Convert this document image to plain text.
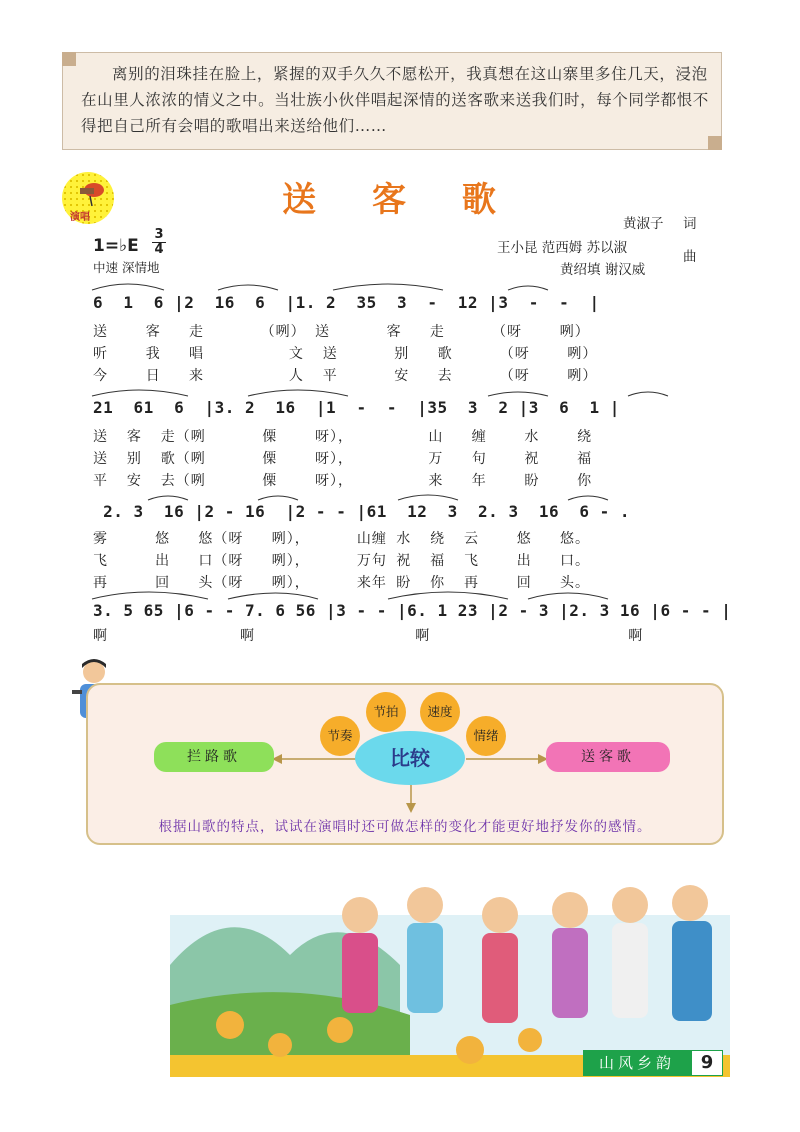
离别的泪珠挂在脸上，紧握的双手久久不愿松开，我真想在这山寨里多住几天，浸泡在山里人浓浓的情义之中。当壮族小伙伴唱起深情的送客歌来送我们时，每个同学都恨不得把自己所有会唱的歌唱出来送给他们……
演唱	送 客 歌
黄淑子 词
王小昆 范西姆 苏以淑
黄绍填 谢汉威
曲
1=♭E
3
4
中速 深情地
6  1  6 |2  16  6  |1. 2  35  3  -  12 |3  -  -  |
送    客   走      （咧） 送      客   走     （呀    咧）
听    我   唱         文  送      别   歌     （呀    咧）
今    日   来         人  平      安   去     （呀    咧）
21  61  6  |3. 2  16  |1  -  -  |35  3  2 |3  6  1 |
送  客  走（咧      傈    呀），        山   缠    水    绕
送  别  歌（咧      傈    呀），        万   句    祝    福
平  安  去（咧      傈    呀），        来   年    盼    你
2. 3  16 |2 - 16  |2 - - |61  12  3  2. 3  16  6 - .
雾     悠   悠（呀   咧），     山缠 水  绕  云    悠   悠。
飞     出   口（呀   咧），     万句 祝  福  飞    出   口。
再     回   头（呀   咧），     来年 盼  你  再    回   头。
3. 5 65 |6 - - 7. 6 56 |3 - - |6. 1 23 |2 - 3 |2. 3 16 |6 - - |
啊              啊                 啊                     啊
拦路歌	送客歌
节奏
节拍	速度
情绪
比较
根据山歌的特点，试试在演唱时还可做怎样的变化才能更好地抒发你的感情。
山风乡韵	9
